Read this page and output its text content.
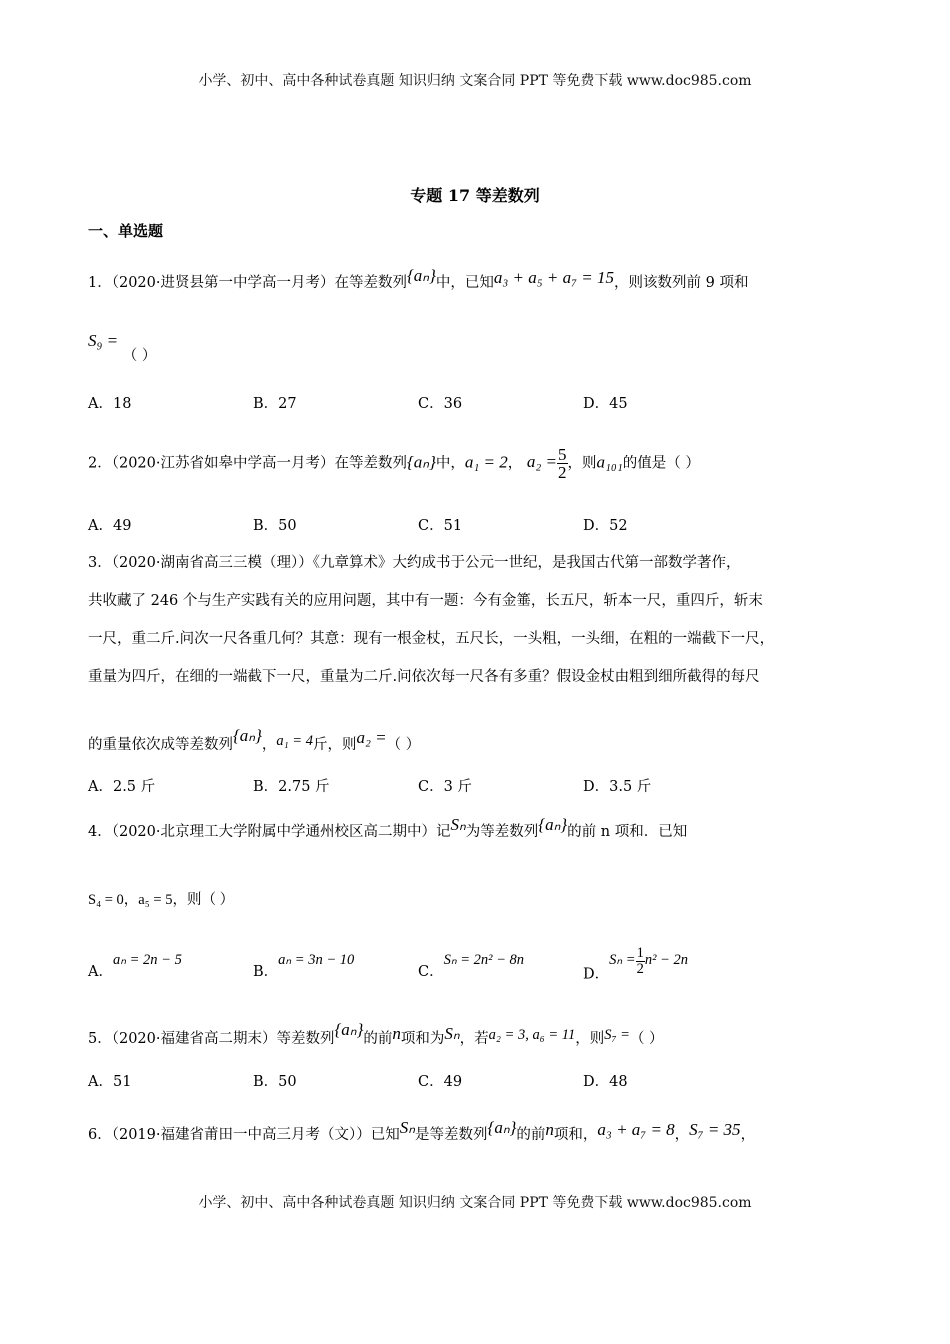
小学、初中、高中各种试卷真题 知识归纳 文案合同 PPT 等免费下载 www.doc985.com
专题 17 等差数列
一、单选题
1．（2020·进贤县第一中学高一月考）在等差数列{aₙ}中，已知a₃ + a₅ + a₇ = 15，则该数列前 9 项和
S₉ = （ ）
A．18	B．27	C．36	D．45
2．（2020·江苏省如皋中学高一月考）在等差数列{aₙ}中，a₁ = 2， $a_2 = \frac{5}{2}$ ，则a₁₀₁的值是（ ）
A．49	B．50	C．51	D．52
3．（2020·湖南省高三三模（理））《九章算术》大约成书于公元一世纪，是我国古代第一部数学著作，
共收藏了 246 个与生产实践有关的应用问题，其中有一题：今有金箠，长五尺，斩本一尺，重四斤，斩末
一尺，重二斤.问次一尺各重几何？其意：现有一根金杖，五尺长，一头粗，一头细，在粗的一端截下一尺，
重量为四斤，在细的一端截下一尺，重量为二斤.问依次每一尺各有多重？假设金杖由粗到细所截得的每尺
的重量依次成等差数列{aₙ}，a₁ = 4斤，则a₂ =（ ）
A．2.5 斤	B．2.75 斤	C．3 斤	D．3.5 斤
4．（2020·北京理工大学附属中学通州校区高二期中）记Sₙ为等差数列{aₙ}的前 n 项和．已知
S₄ = 0，a₅ = 5，则（ ）
A．aₙ = 2n − 5
B．aₙ = 3n − 10
C．Sₙ = 2n² − 8n
D．$S_n = \frac{1}{2} n^2 - 2n$
5．（2020·福建省高二期末）等差数列{aₙ}的前n项和为Sₙ，若a₂ = 3, a₆ = 11，则S₇ =（ ）
A．51	B．50	C．49	D．48
6．（2019·福建省莆田一中高三月考（文））已知Sₙ是等差数列{aₙ}的前n项和，a₃ + a₇ = 8，S₇ = 35，
小学、初中、高中各种试卷真题 知识归纳 文案合同 PPT 等免费下载 www.doc985.com
